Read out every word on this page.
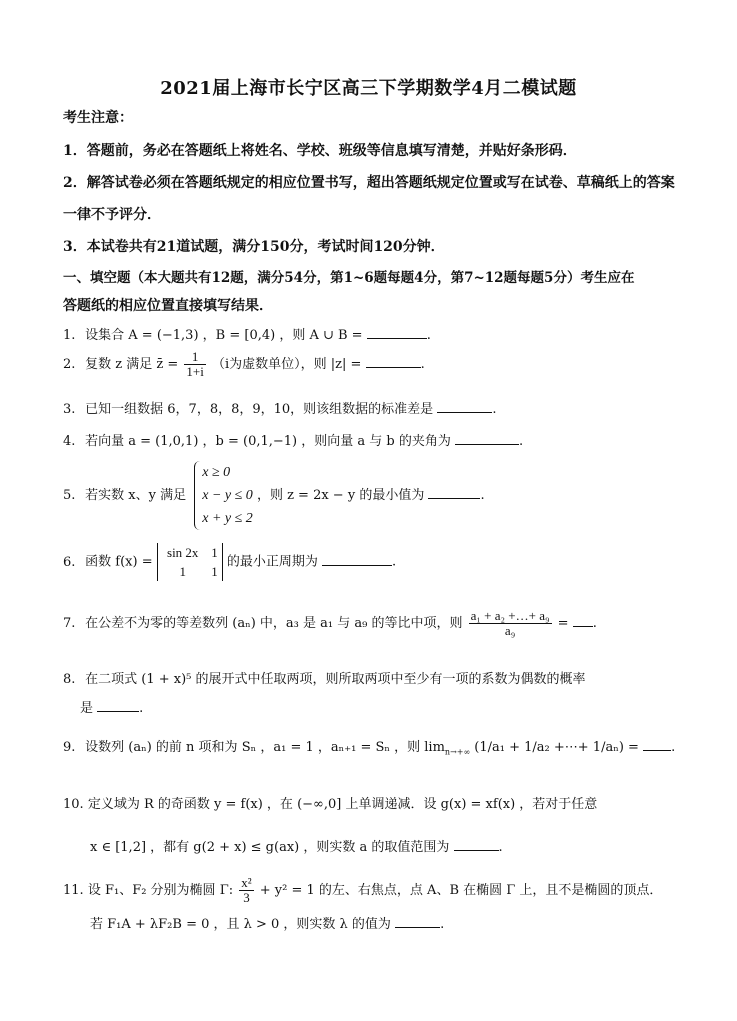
2021届上海市长宁区高三下学期数学4月二模试题
考生注意：
1．答题前，务必在答题纸上将姓名、学校、班级等信息填写清楚，并贴好条形码．
2．解答试卷必须在答题纸规定的相应位置书写，超出答题纸规定位置或写在试卷、草稿纸上的答案
一律不予评分．
3．本试卷共有21道试题，满分150分，考试时间120分钟．
一、填空题（本大题共有12题，满分54分，第1~6题每题4分，第7~12题每题5分）考生应在
答题纸的相应位置直接填写结果．
1. 设集合 A = (−1,3) ，B = [0,4) ，则 A ∪ B =	.
2. 复数 z 满足 z̄ = $\frac{1}{1+i} (i$为虚数单位），则 |z| =	.
3. 已知一组数据 6，7，8，8，9，10，则该组数据的标准差是	.
4. 若向量 a = (1,0,1) ，b = (0,1,−1) ，则向量 a 与 b 的夹角为	.
5. 若实数 x、y 满足
x ≥ 0
x − y ≤ 0
x + y ≤ 2
，则 z = 2x − y 的最小值为	.
6. 函数 f(x) =
sin 2x 1
1 1
的最小正周期为	.
7. 在公差不为零的等差数列 (aₙ) 中，a₃ 是 a₁ 与 a₉ 的等比中项，则 $\frac{\text{a₁ + a₂ +…+ a₉}}{\text{a₉}}$ = .
8. 在二项式 (1 + x)⁵ 的展开式中任取两项，则所取两项中至少有一项的系数为偶数的概率
是	.
9. 设数列 (aₙ) 的前 n 项和为 Sₙ ，a₁ = 1 ，aₙ₊₁ = Sₙ ，则 $\lim_{n\to+\infty} (1/a_1 + 1/a_2$ +⋯+ 1/aₙ) = .
10. 定义域为 R 的奇函数 y = f(x) ，在 (−∞,0] 上单调递减．设 g(x) = xf(x) ，若对于任意
x ∈ [1,2] ，都有 g(2 + x) ≤ g(ax) ，则实数 a 的取值范围为	.
11. 设 F₁、F₂ 分别为椭圆 Γ: $\frac{\text{x²}}{3} + y^2 = 1$ 的左、右焦点，点 A、B 在椭圆 Γ 上，且不是椭圆的顶点．
若 F₁A + λF₂B = 0 ，且 λ > 0 ，则实数 λ 的值为	.
